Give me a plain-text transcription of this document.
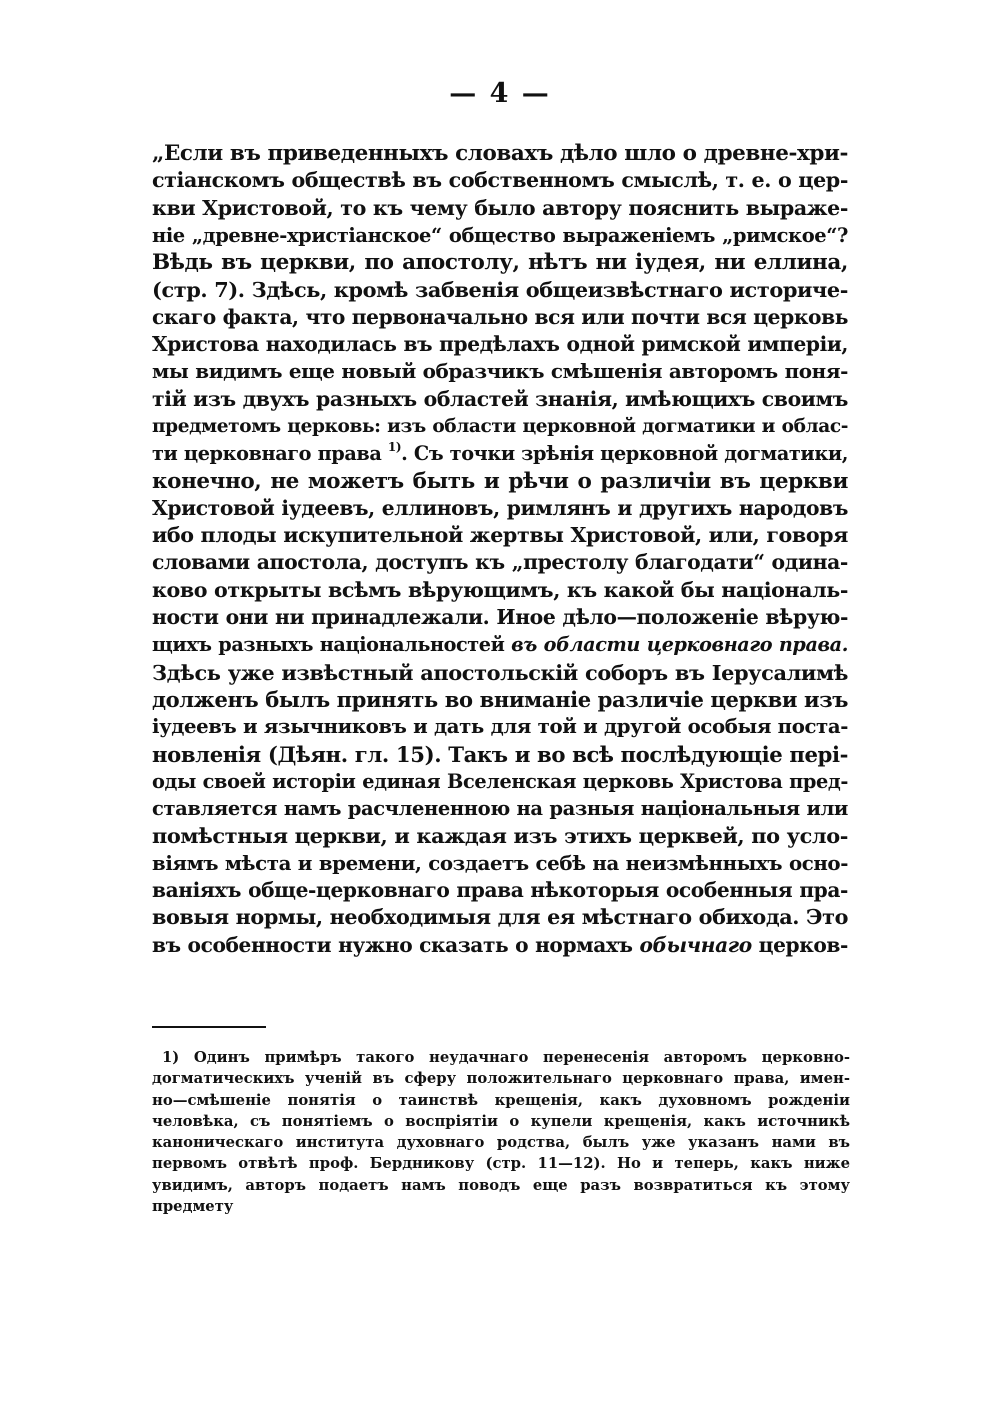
— 4 —
„Если въ приведенныхъ словахъ дѣло шло о древне-хри-
стіанскомъ обществѣ въ собственномъ смыслѣ, т. е. о цер-
кви Христовой, то къ чему было автору пояснить выраже-
ніе „древне-христіанское“ общество выраженіемъ „римское“?
Вѣдь въ церкви, по апостолу, нѣтъ ни іудея, ни еллина,
(стр. 7). Здѣсь, кромѣ забвенія общеизвѣстнаго историче-
скаго факта, что первоначально вся или почти вся церковь
Христова находилась въ предѣлахъ одной римской имперіи,
мы видимъ еще новый образчикъ смѣшенія авторомъ поня-
тій изъ двухъ разныхъ областей знанія, имѣющихъ своимъ
предметомъ церковь: изъ области церковной догматики и облас-
ти церковнаго права $^{1)}$. Съ точки зрѣнія церковной догматики,
конечно, не можетъ быть и рѣчи о различіи въ церкви
Христовой іудеевъ, еллиновъ, римлянъ и другихъ народовъ
ибо плоды искупительной жертвы Христовой, или, говоря
словами апостола, доступъ къ „престолу благодати“ одина-
ково открыты всѣмъ вѣрующимъ, къ какой бы національ-
ности они ни принадлежали. Иное дѣло—положеніе вѣрую-
щихъ разныхъ національностей въ области церковнаго права.
Здѣсь уже извѣстный апостольскій соборъ въ Іерусалимѣ
долженъ былъ принять во вниманіе различіе церкви изъ
іудеевъ и язычниковъ и дать для той и другой особыя поста-
новленія (Дѣян. гл. 15). Такъ и во всѣ послѣдующіе пері-
оды своей исторіи единая Вселенская церковь Христова пред-
ставляется намъ расчлененною на разныя національныя или
помѣстныя церкви, и каждая изъ этихъ церквей, по усло-
віямъ мѣста и времени, создаетъ себѣ на неизмѣнныхъ осно-
ваніяхъ обще-церковнаго права нѣкоторыя особенныя пра-
вовыя нормы, необходимыя для ея мѣстнаго обихода. Это
въ особенности нужно сказать о нормахъ обычнаго церков-
1) Одинъ примѣръ такого неудачнаго перенесенія авторомъ церковно-
догматическихъ ученій въ сферу положительнаго церковнаго права, имен-
но—смѣшеніе понятія о таинствѣ крещенія, какъ духовномъ рожденіи
человѣка, съ понятіемъ о воспріятіи о купели крещенія, какъ источникѣ
каноническаго института духовнаго родства, былъ уже указанъ нами въ
первомъ отвѣтѣ проф. Бердникову (стр. 11—12). Но и теперь, какъ ниже
увидимъ, авторъ подаетъ намъ поводъ еще разъ возвратиться къ этому
предмету
